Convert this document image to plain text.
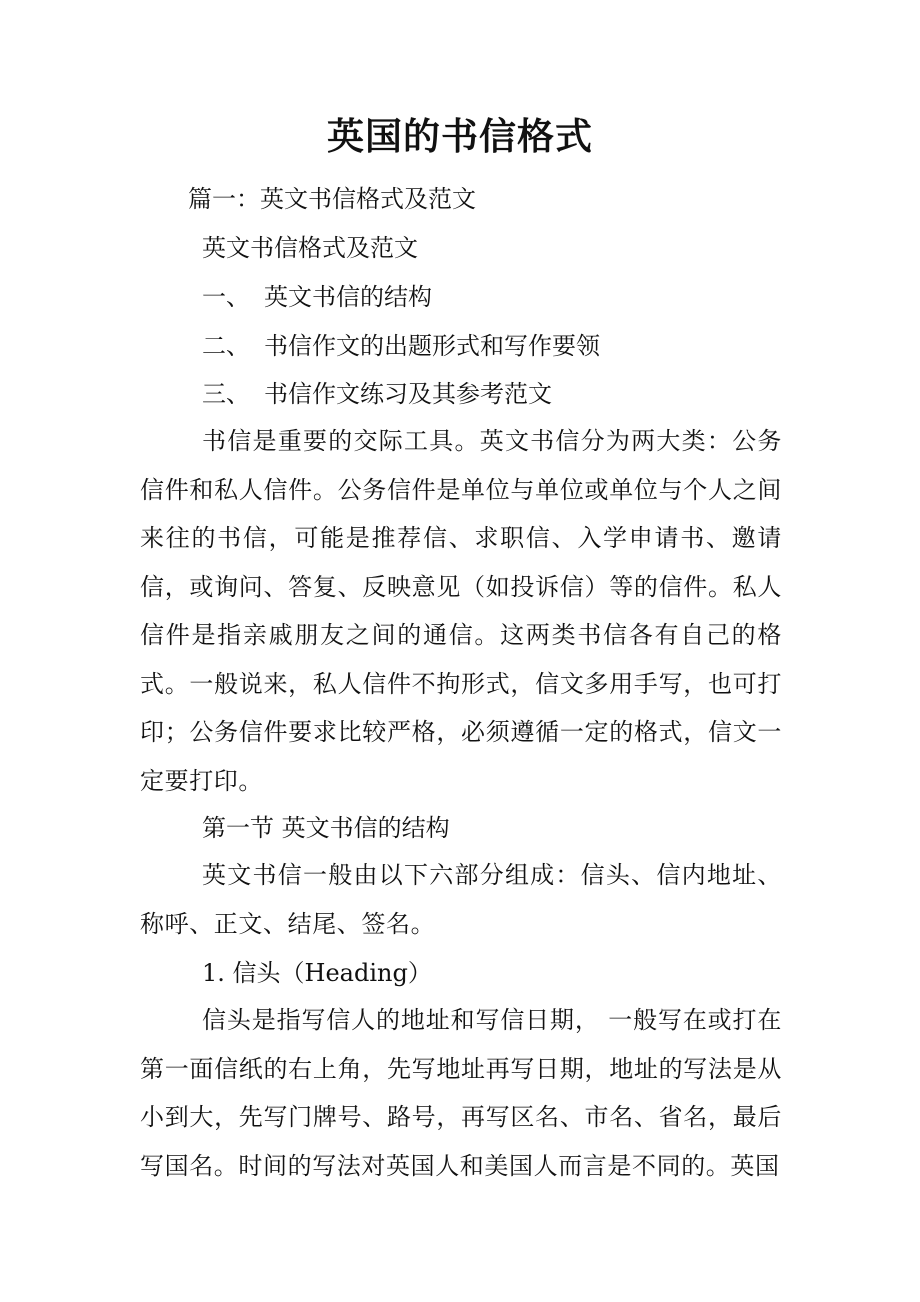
英国的书信格式

篇一：英文书信格式及范文

英文书信格式及范文

一、 英文书信的结构

二、 书信作文的出题形式和写作要领

三、 书信作文练习及其参考范文

书信是重要的交际工具。英文书信分为两大类：公务信件和私人信件。公务信件是单位与单位或单位与个人之间来往的书信，可能是推荐信、求职信、入学申请书、邀请信，或询问、答复、反映意见（如投诉信）等的信件。私人信件是指亲戚朋友之间的通信。这两类书信各有自己的格式。一般说来，私人信件不拘形式，信文多用手写，也可打印；公务信件要求比较严格，必须遵循一定的格式，信文一定要打印。

第一节 英文书信的结构

英文书信一般由以下六部分组成：信头、信内地址、称呼、正文、结尾、签名。

1. 信头（Heading）

信头是指写信人的地址和写信日期， 一般写在或打在第一面信纸的右上角，先写地址再写日期，地址的写法是从小到大，先写门牌号、路号，再写区名、市名、省名，最后写国名。时间的写法对英国人和美国人而言是不同的。英国
